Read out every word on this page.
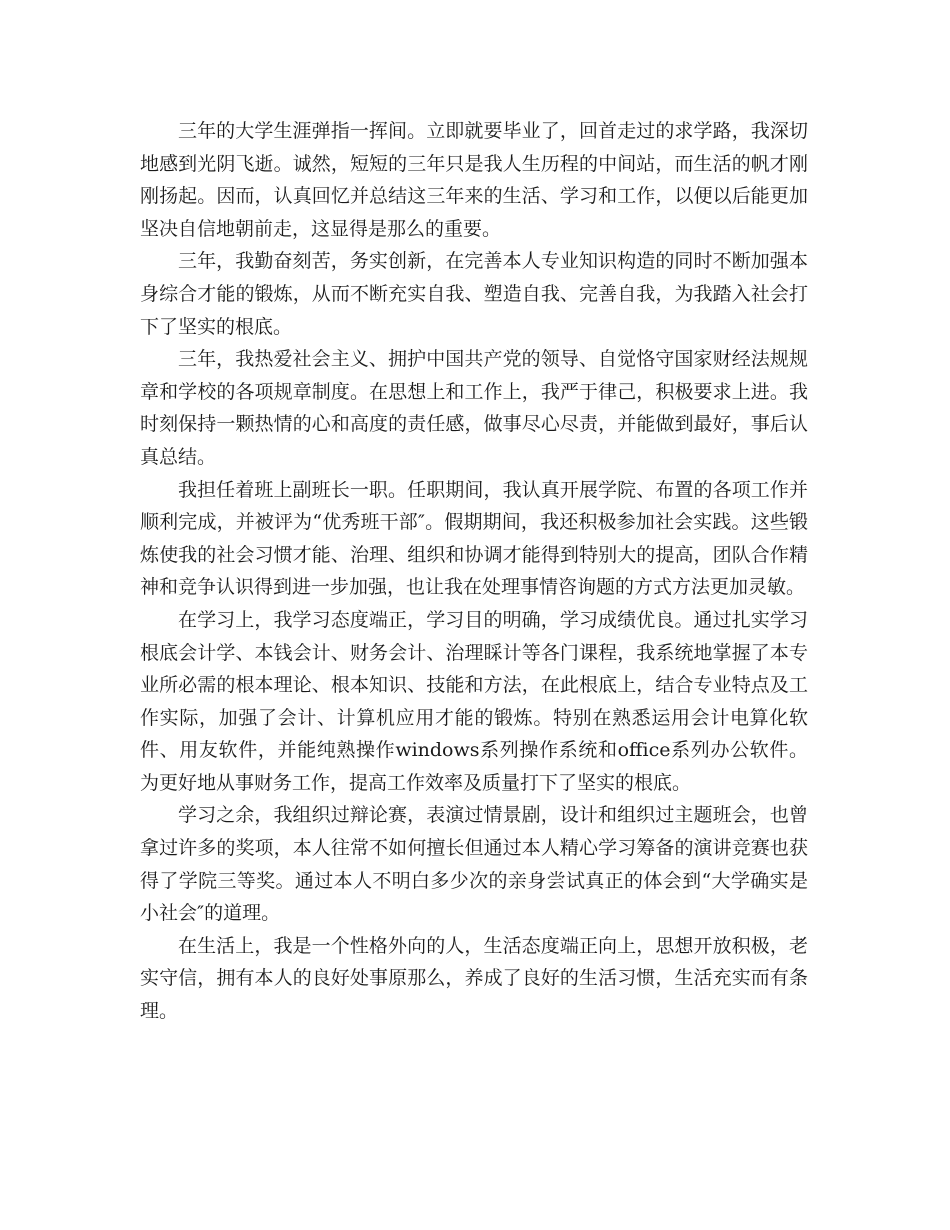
三年的大学生涯弹指一挥间。立即就要毕业了，回首走过的求学路，我深切地感到光阴飞逝。诚然，短短的三年只是我人生历程的中间站，而生活的帆才刚刚扬起。因而，认真回忆并总结这三年来的生活、学习和工作，以便以后能更加坚决自信地朝前走，这显得是那么的重要。

三年，我勤奋刻苦，务实创新，在完善本人专业知识构造的同时不断加强本身综合才能的锻炼，从而不断充实自我、塑造自我、完善自我，为我踏入社会打下了坚实的根底。

三年，我热爱社会主义、拥护中国共产党的领导、自觉恪守国家财经法规规章和学校的各项规章制度。在思想上和工作上，我严于律己，积极要求上进。我时刻保持一颗热情的心和高度的责任感，做事尽心尽责，并能做到最好，事后认真总结。

我担任着班上副班长一职。任职期间，我认真开展学院、布置的各项工作并顺利完成，并被评为“优秀班干部″。假期期间，我还积极参加社会实践。这些锻炼使我的社会习惯才能、治理、组织和协调才能得到特别大的提高，团队合作精神和竞争认识得到进一步加强，也让我在处理事情咨询题的方式方法更加灵敏。

在学习上，我学习态度端正，学习目的明确，学习成绩优良。通过扎实学习根底会计学、本钱会计、财务会计、治理睬计等各门课程，我系统地掌握了本专业所必需的根本理论、根本知识、技能和方法，在此根底上，结合专业特点及工作实际，加强了会计、计算机应用才能的锻炼。特别在熟悉运用会计电算化软件、用友软件，并能纯熟操作windows系列操作系统和office系列办公软件。为更好地从事财务工作，提高工作效率及质量打下了坚实的根底。

学习之余，我组织过辩论赛，表演过情景剧，设计和组织过主题班会，也曾拿过许多的奖项，本人往常不如何擅长但通过本人精心学习筹备的演讲竞赛也获得了学院三等奖。通过本人不明白多少次的亲身尝试真正的体会到“大学确实是小社会″的道理。

在生活上，我是一个性格外向的人，生活态度端正向上，思想开放积极，老实守信，拥有本人的良好处事原那么，养成了良好的生活习惯，生活充实而有条理。
